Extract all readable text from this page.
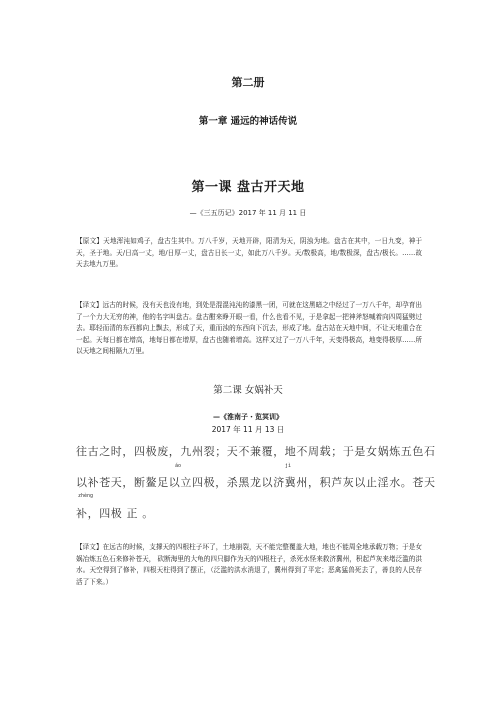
第二册
第一章 遥远的神话传说
第一课 盘古开天地
—《三五历记》2017 年 11 月 11 日
【原文】天地浑沌如鸡子，盘古生其中。万八千岁，天地开辟，阳清为天，阴浊为地。盘古在其中，一日九变，神于天，圣于地。天/日高一丈，地/日厚一丈，盘古日长一丈，如此万八千岁。天/数极高，地/数极深，盘古/极长。……故天去地九万里。
【译文】远古的时候，没有天也没有地，到处是混混沌沌的漆黑一团，可就在这黑暗之中经过了一万八千年，却孕育出了一个力大无穷的神，他的名字叫盘古。盘古酣来睁开眼一看，什么也看不见，于是拿起一把神斧怒喊着向四周猛劈过去。耶轻而清的东西都向上飘去，形成了天，重而浊的东西向下沉去，形成了地。盘古站在天地中间，不让天地重合在一起。天每日都在增高，地每日都在增厚，盘古也随着增高。这样又过了一万八千年，天变得极高，地变得极厚……所以天地之间相隔九万里。
第二课 女娲补天
—《淮南子・览冥训》
2017 年 11 月 13 日
往古之时，四极废，九州裂；天不兼覆，地不周载；于是女娲炼五色石
áo	jì
以补苍天，断鳌足以立四极，杀黑龙以济冀州，积芦灰以止淫水。苍天
zhèng
补，四极 正 。
【译文】在远古的时候，支撑天的四根柱子坏了，土地崩裂，天不能完整覆盖大地，地也不能周全地承载万物；于是女娲冶炼五色石来修补苍天， 砍断海里的大龟的四只脚作为天的四根柱子，杀死水怪来救济冀州，积起芦灰来堵泛滥的洪水。天空得到了修补，四根天柱得到了摆正，（泛滥的洪水消退了，冀州得到了平定；恶禽猛兽死去了，善良的人民存活了下来。）
